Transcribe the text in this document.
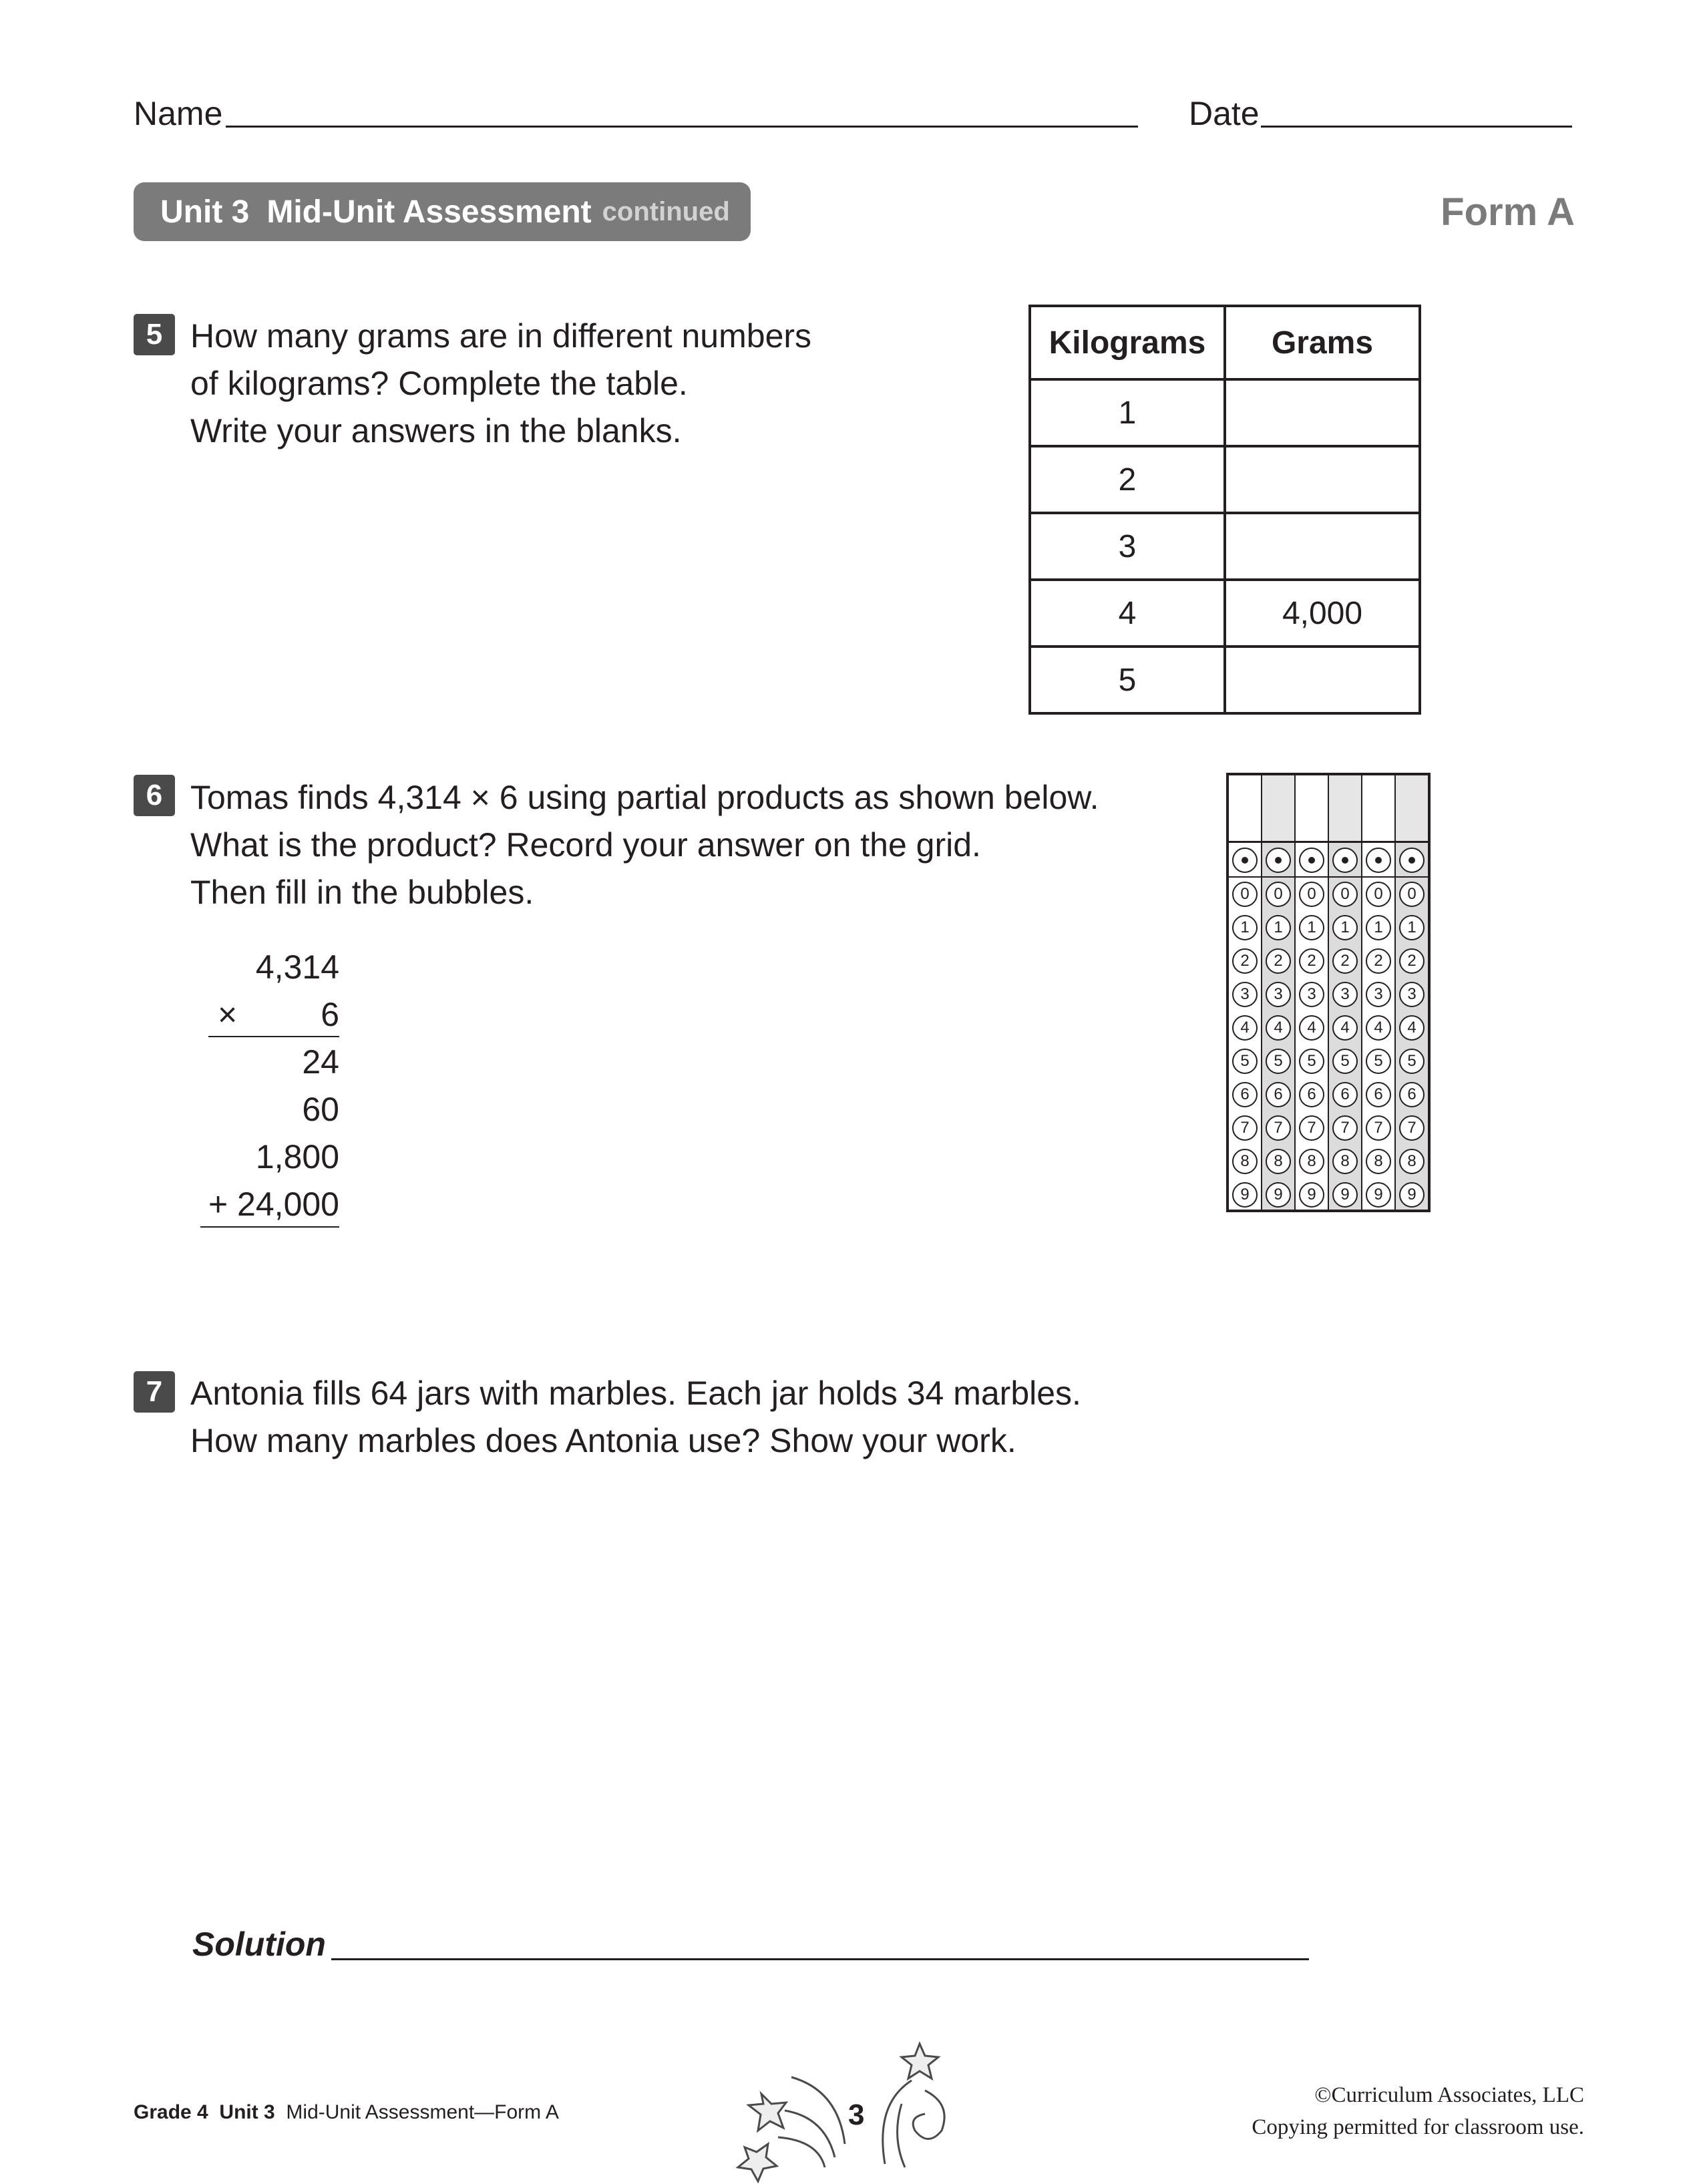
Name	Date
Unit 3 Mid-Unit Assessment continued	Form A
5 How many grams are in different numbers
of kilograms? Complete the table.
Write your answers in the blanks.
Kilograms	Grams
1	
2	
3	
4	4,000
5	
6 Tomas finds 4,314 × 6 using partial products as shown below.
What is the product? Record your answer on the grid.
Then fill in the bubbles.
4,314
×         6
24
60
1,800
+ 24,000
0
1
2
3
4
5
6
7
8
9
0
1
2
3
4
5
6
7
8
9
0
1
2
3
4
5
6
7
8
9
0
1
2
3
4
5
6
7
8
9
0
1
2
3
4
5
6
7
8
9
0
1
2
3
4
5
6
7
8
9
7 Antonia fills 64 jars with marbles. Each jar holds 34 marbles.
How many marbles does Antonia use? Show your work.
Solution
Grade 4 Unit 3 Mid-Unit Assessment—Form A	3
©Curriculum Associates, LLC
Copying permitted for classroom use.
